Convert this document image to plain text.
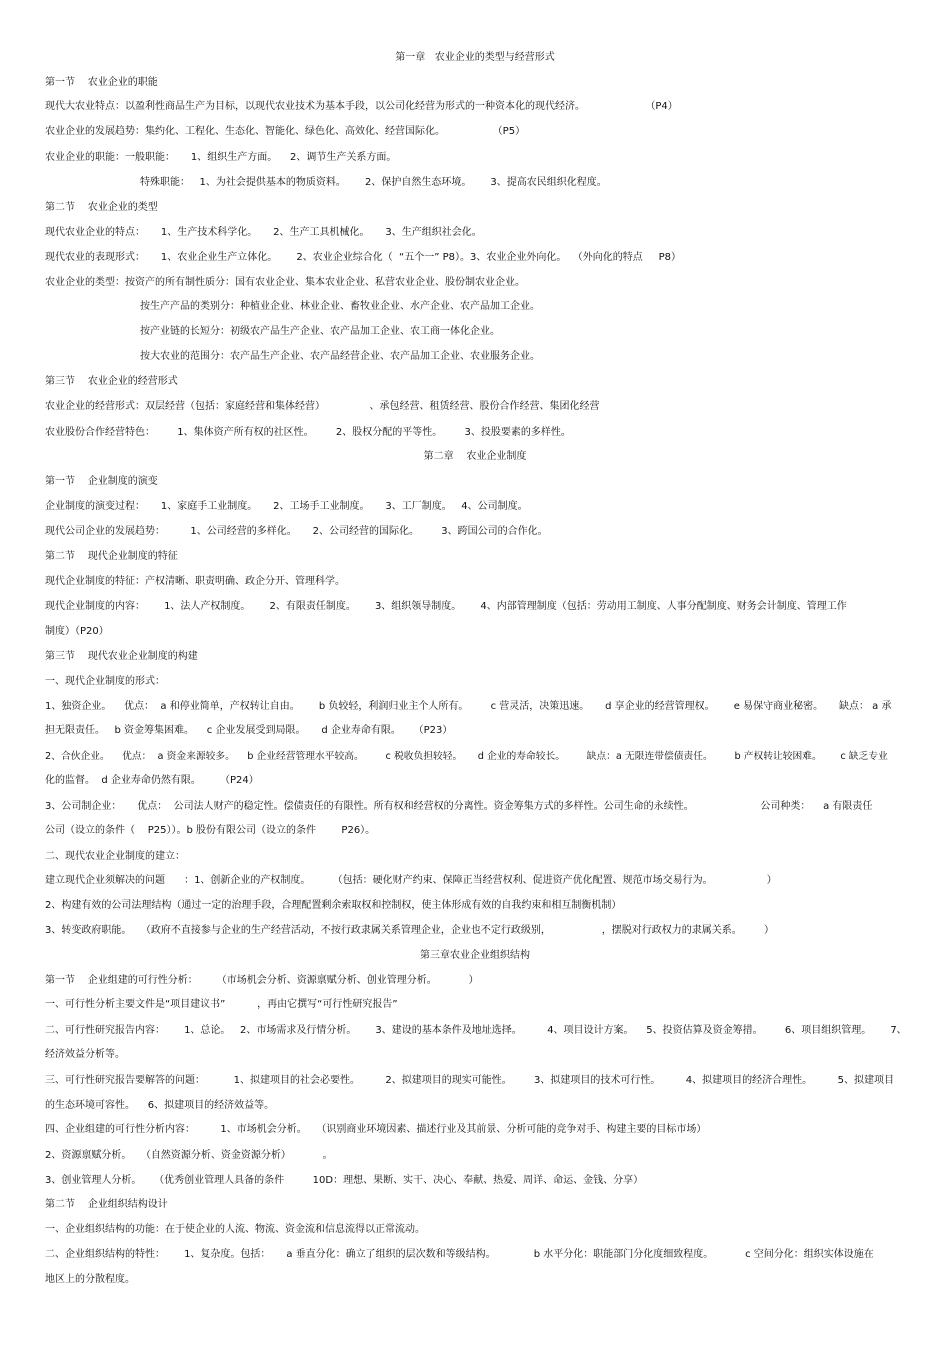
第一章   农业企业的类型与经营形式
第一节    农业企业的职能
现代大农业特点：以盈利性商品生产为目标，以现代农业技术为基本手段，以公司化经营为形式的一种资本化的现代经济。                   （P4）
农业企业的发展趋势：集约化、工程化、生态化、智能化、绿色化、高效化、经营国际化。               （P5）
农业企业的职能：一般职能：     1、组织生产方面。    2、调节生产关系方面。
特殊职能：   1、为社会提供基本的物质资料。      2、保护自然生态环境。      3、提高农民组织化程度。
第二节    农业企业的类型
现代农业企业的特点：     1、生产技术科学化。     2、生产工具机械化。     3、生产组织社会化。
现代农业的表现形式：     1、农业企业生产立体化。      2、农业企业综合化（  “五个一” P8）。3、农业企业外向化。  （外向化的特点     P8）
农业企业的类型：按资产的所有制性质分：国有农业企业、集本农业企业、私营农业企业、股份制农业企业。
按生产产品的类别分：种植业企业、林业企业、畜牧业企业、水产企业、农产品加工企业。
按产业链的长短分：初级农产品生产企业、农产品加工企业、农工商一体化企业。
按大农业的范围分：农产品生产企业、农产品经营企业、农产品加工企业、农业服务企业。
第三节    农业企业的经营形式
农业企业的经营形式：双层经营（包括：家庭经营和集体经营）              、承包经营、租赁经营、股份合作经营、集团化经营
农业股份合作经营特色：       1、集体资产所有权的社区性。       2、股权分配的平等性。       3、投股要素的多样性。
第二章    农业企业制度
第一节    企业制度的演变
企业制度的演变过程：     1、家庭手工业制度。     2、工场手工业制度。     3、工厂制度。   4、公司制度。
现代公司企业的发展趋势：        1、公司经营的多样化。     2、公司经营的国际化。       3、跨国公司的合作化。
第二节    现代企业制度的特征
现代企业制度的特征：产权清晰、职责明确、政企分开、管理科学。
现代企业制度的内容：      1、法人产权制度。      2、有限责任制度。      3、组织领导制度。      4、内部管理制度（包括：劳动用工制度、人事分配制度、财务会计制度、管理工作
制度）（P20）
第三节    现代农业企业制度的构建
一、现代企业制度的形式：
1、独资企业。    优点：  a 和停业简单，产权转让自由。      b 负较轻，利润归业主个人所有。       c 营灵活，决策迅速。     d 享企业的经营管理权。      e 易保守商业秘密。     缺点： a 承
担无限责任。   b 资金筹集困难。    c 企业发展受到局限。     d 企业寿命有限。    （P23）
2、合伙企业。    优点：  a 资金来源较多。    b 企业经营管理水平较高。       c 税收负担较轻。     d 企业的寿命较长。       缺点：a 无限连带偿债责任。       b 产权转让较困难。      c 缺乏专业
化的监督。  d 企业寿命仍然有限。      （P24）
3、公司制企业：     优点：  公司法人财产的稳定性。偿债责任的有限性。所有权和经营权的分离性。资金筹集方式的多样性。公司生命的永续性。                     公司种类：    a 有限责任
公司（设立的条件（    P25））。b 股份有限公司（设立的条件        P26）。
二、现代农业企业制度的建立：
建立现代企业须解决的问题      ：1、创新企业的产权制度。       （包括：硬化财产约束、保障正当经营权利、促进资产优化配置、规范市场交易行为。                 ）
2、构建有效的公司法理结构（通过一定的治理手段，合理配置剩余索取权和控制权，使主体形成有效的自我约束和相互制衡机制）
3、转变政府职能。   （政府不直接参与企业的生产经营活动，不按行政隶属关系管理企业，企业也不定行政级别，                ，摆脱对行政权力的隶属关系。       ）
第三章农业企业组织结构
第一节    企业组建的可行性分析：      （市场机会分析、资源禀赋分析、创业管理分析。          ）
一、可行性分析主要文件是“项目建议书”          ，再由它撰写“可行性研究报告”
二、可行性研究报告内容：      1、总论。   2、市场需求及行情分析。      3、建设的基本条件及地址选择。        4、项目设计方案。    5、投资估算及资金筹措。       6、项目组织管理。      7、
经济效益分析等。
三、可行性研究报告要解答的问题：         1、拟建项目的社会必要性。        2、拟建项目的现实可能性。       3、拟建项目的技术可行性。        4、拟建项目的经济合理性。        5、拟建项目
的生态环境可容性。    6、拟建项目的经济效益等。
四、企业组建的可行性分析内容：        1、市场机会分析。   （识别商业环境因素、描述行业及其前景、分析可能的竞争对手、构建主要的目标市场）
2、资源禀赋分析。   （自然资源分析、资金资源分析）          。
3、创业管理人分析。    （优秀创业管理人具备的条件         10D：理想、果断、实干、决心、奉献、热爱、周详、命运、金钱、分享）
第二节    企业组织结构设计
一、企业组织结构的功能：在于使企业的人流、物流、资金流和信息流得以正常流动。
二、企业组织结构的特性：      1、复杂度。包括：     a 垂直分化：确立了组织的层次数和等级结构。            b 水平分化：职能部门分化度细致程度。          c 空间分化：组织实体设施在
地区上的分散程度。
